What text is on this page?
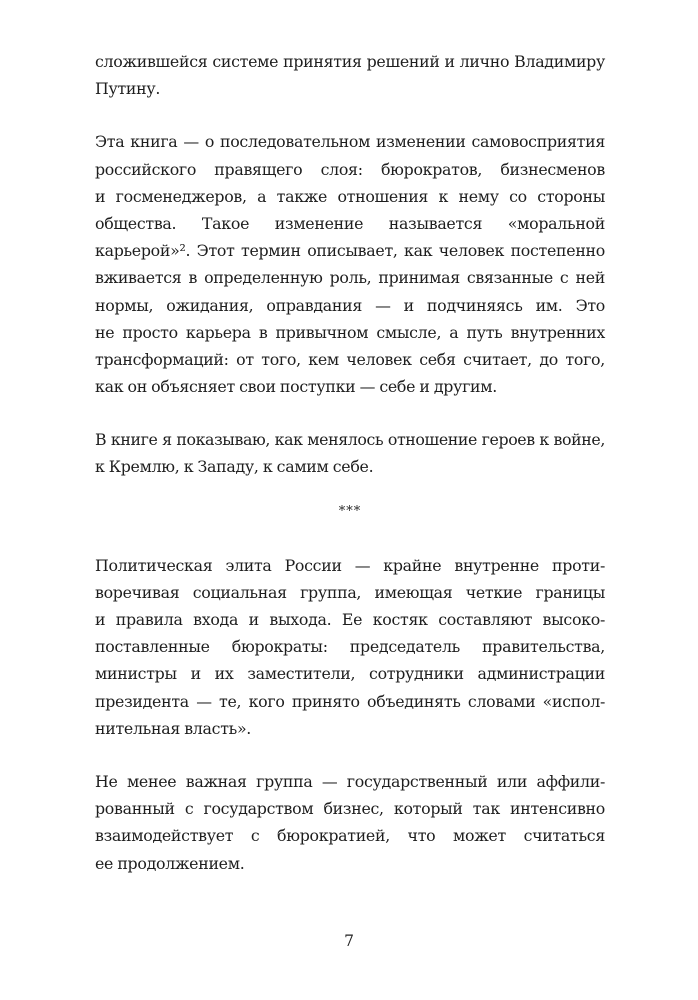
сложившейся системе принятия решений и лично Владимиру
Путину.
Эта книга — о последовательном изменении самовосприятия
российского правящего слоя: бюрократов, бизнесменов
и госменеджеров, а также отношения к нему со стороны
общества. Такое изменение называется «моральной
карьерой»². Этот термин описывает, как человек постепенно
вживается в определенную роль, принимая связанные с ней
нормы, ожидания, оправдания — и подчиняясь им. Это
не просто карьера в привычном смысле, а путь внутренних
трансформаций: от того, кем человек себя считает, до того,
как он объясняет свои поступки — себе и другим.
В книге я показываю, как менялось отношение героев к войне,
к Кремлю, к Западу, к самим себе.
***
Политическая элита России — крайне внутренне проти-
воречивая социальная группа, имеющая четкие границы
и правила входа и выхода. Ее костяк составляют высоко-
поставленные бюрократы: председатель правительства,
министры и их заместители, сотрудники администрации
президента — те, кого принято объединять словами «испол-
нительная власть».
Не менее важная группа — государственный или аффили-
рованный с государством бизнес, который так интенсивно
взаимодействует с бюрократией, что может считаться
ее продолжением.
7
